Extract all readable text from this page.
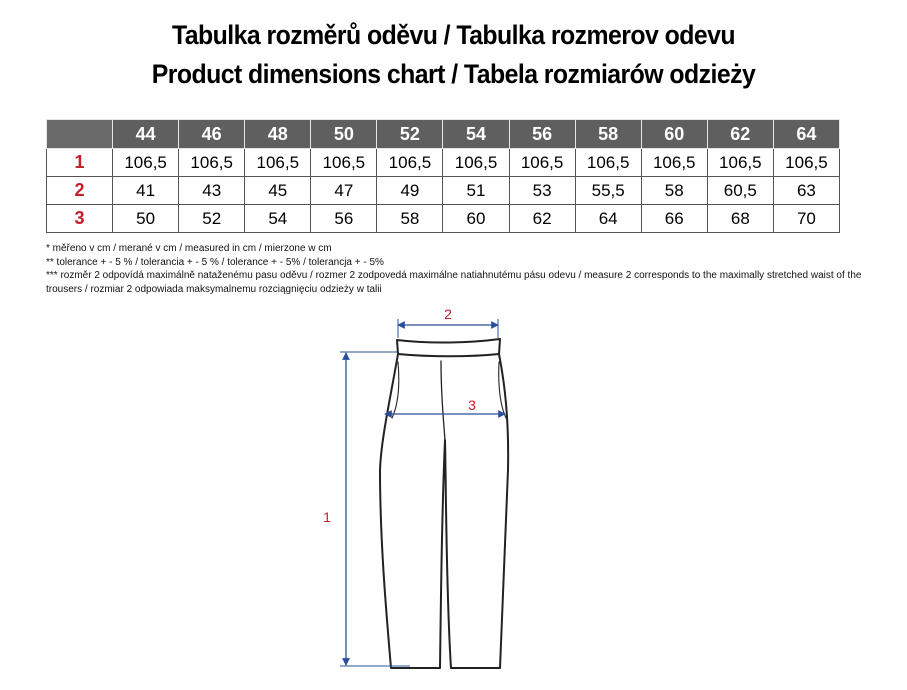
Tabulka rozměrů oděvu / Tabulka rozmerov odevu
Product dimensions chart / Tabela rozmiarów odzieży
	44	46	48	50	52	54	56	58	60	62	64
1	106,5	106,5	106,5	106,5	106,5	106,5	106,5	106,5	106,5	106,5	106,5
2	41	43	45	47	49	51	53	55,5	58	60,5	63
3	50	52	54	56	58	60	62	64	66	68	70
* měřeno v cm / merané v cm / measured in cm / mierzone w cm
** tolerance + - 5 % / tolerancia + - 5 % / tolerance + - 5% / tolerancja + - 5%
*** rozměr 2 odpovídá maximálně nataženému pasu oděvu / rozmer 2 zodpovedá maximálne natiahnutému pásu odevu / measure 2 corresponds to the maximally stretched waist of the trousers / rozmiar 2 odpowiada maksymalnemu rozciągnięciu odzieży w talii
2
3
1
